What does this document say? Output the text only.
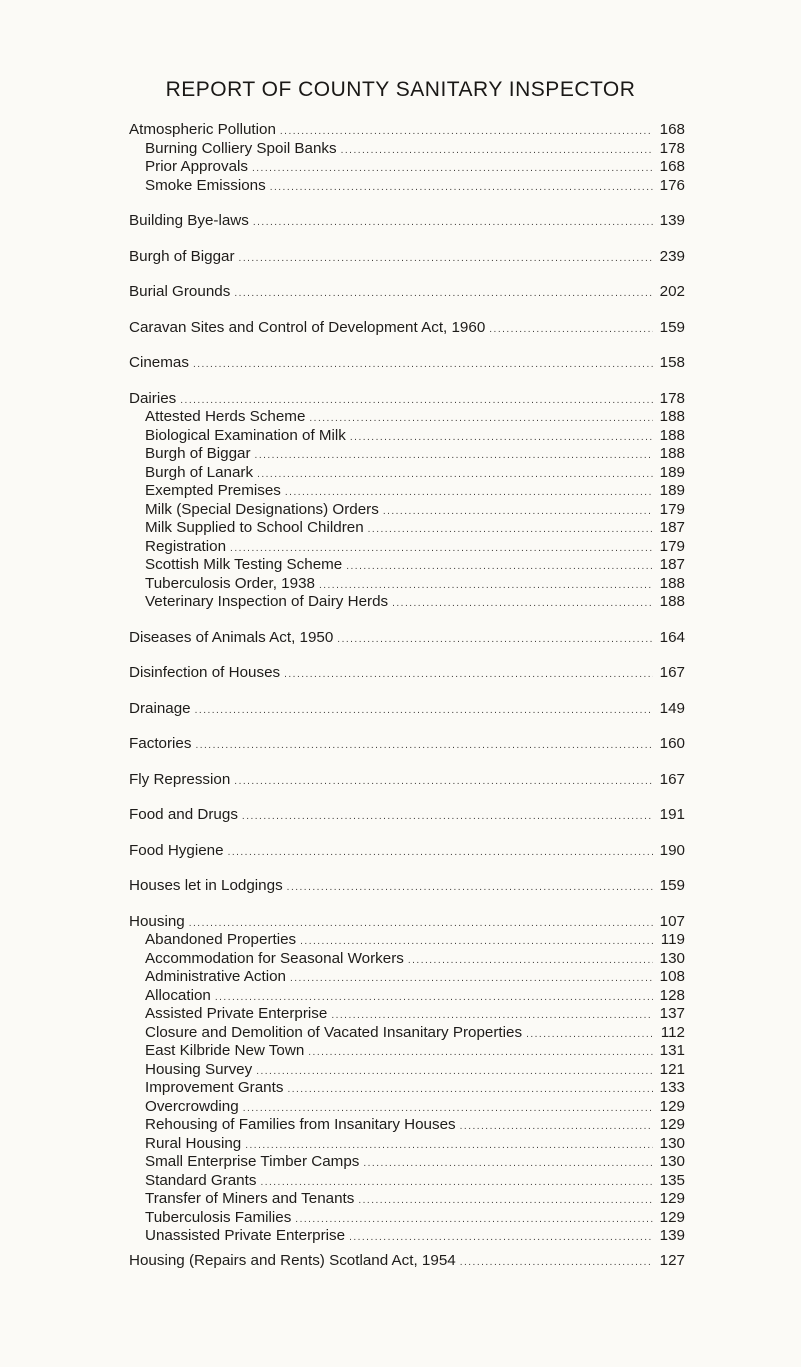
REPORT OF COUNTY SANITARY INSPECTOR
Atmospheric Pollution .....	168
Burning Colliery Spoil Banks .....	178
Prior Approvals .....	168
Smoke Emissions .....	176
Building Bye-laws .....	139
Burgh of Biggar .....	239
Burial Grounds .....	202
Caravan Sites and Control of Development Act, 1960 .....	159
Cinemas .....	158
Dairies .....	178
Attested Herds Scheme .....	188
Biological Examination of Milk .....	188
Burgh of Biggar .....	188
Burgh of Lanark .....	189
Exempted Premises .....	189
Milk (Special Designations) Orders .....	179
Milk Supplied to School Children .....	187
Registration .....	179
Scottish Milk Testing Scheme .....	187
Tuberculosis Order, 1938 .....	188
Veterinary Inspection of Dairy Herds .....	188
Diseases of Animals Act, 1950 .....	164
Disinfection of Houses .....	167
Drainage .....	149
Factories .....	160
Fly Repression .....	167
Food and Drugs .....	191
Food Hygiene .....	190
Houses let in Lodgings .....	159
Housing .....	107
Abandoned Properties .....	119
Accommodation for Seasonal Workers .....	130
Administrative Action .....	108
Allocation .....	128
Assisted Private Enterprise .....	137
Closure and Demolition of Vacated Insanitary Properties .....	112
East Kilbride New Town .....	131
Housing Survey .....	121
Improvement Grants .....	133
Overcrowding .....	129
Rehousing of Families from Insanitary Houses .....	129
Rural Housing .....	130
Small Enterprise Timber Camps .....	130
Standard Grants .....	135
Transfer of Miners and Tenants .....	129
Tuberculosis Families .....	129
Unassisted Private Enterprise .....	139
Housing (Repairs and Rents) Scotland Act, 1954 .....	127
